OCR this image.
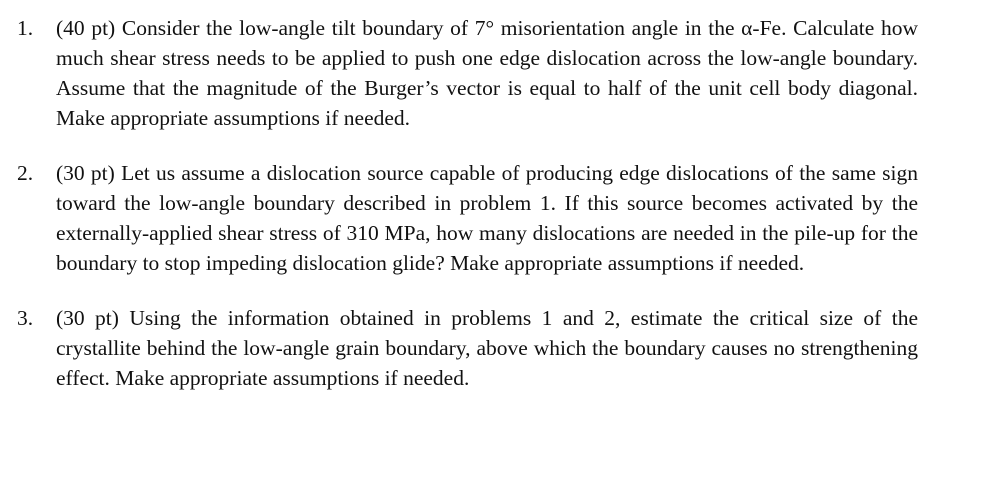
1. (40 pt) Consider the low-angle tilt boundary of 7° misorientation angle in the α-Fe. Calculate how much shear stress needs to be applied to push one edge dislocation across the low-angle boundary. Assume that the magnitude of the Burger’s vector is equal to half of the unit cell body diagonal. Make appropriate assumptions if needed.
2. (30 pt) Let us assume a dislocation source capable of producing edge dislocations of the same sign toward the low-angle boundary described in problem 1. If this source becomes activated by the externally-applied shear stress of 310 MPa, how many dislocations are needed in the pile-up for the boundary to stop impeding dislocation glide? Make appropriate assumptions if needed.
3. (30 pt) Using the information obtained in problems 1 and 2, estimate the critical size of the crystallite behind the low-angle grain boundary, above which the boundary causes no strengthening effect. Make appropriate assumptions if needed.
